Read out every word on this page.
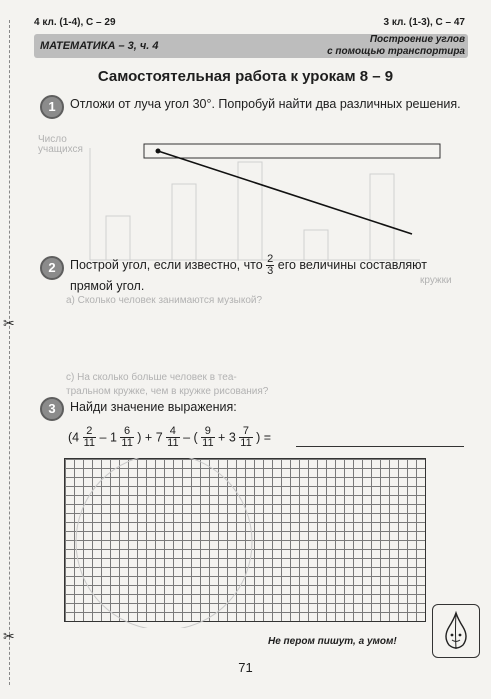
✂
✂
4 кл. (1-4), С – 29	3 кл. (1-3), С – 47
МАТЕМАТИКА – 3, ч. 4
Построение углов
с помощью транспортира
Самостоятельная работа к урокам 8 – 9
1	Отложи от луча угол 30°. Попробуй найти два различных решения.
Число учащихся
кружки
2	Построй угол, если известно, что $\frac{2}{3}$ его величины составляют прямой угол.
а) Сколько человек занимаются музыкой?
с) На сколько больше человек в теа-
тральном кружке, чем в кружке рисования?
3	Найди значение выражения:
($4 \frac{2}{11} - 1 \frac{6}{11}$ ) + $7 \frac{4}{11}$ – ( $\frac{9}{11} + 3 \frac{7}{11}$ ) =
Не пером пишут, а умом!
71
